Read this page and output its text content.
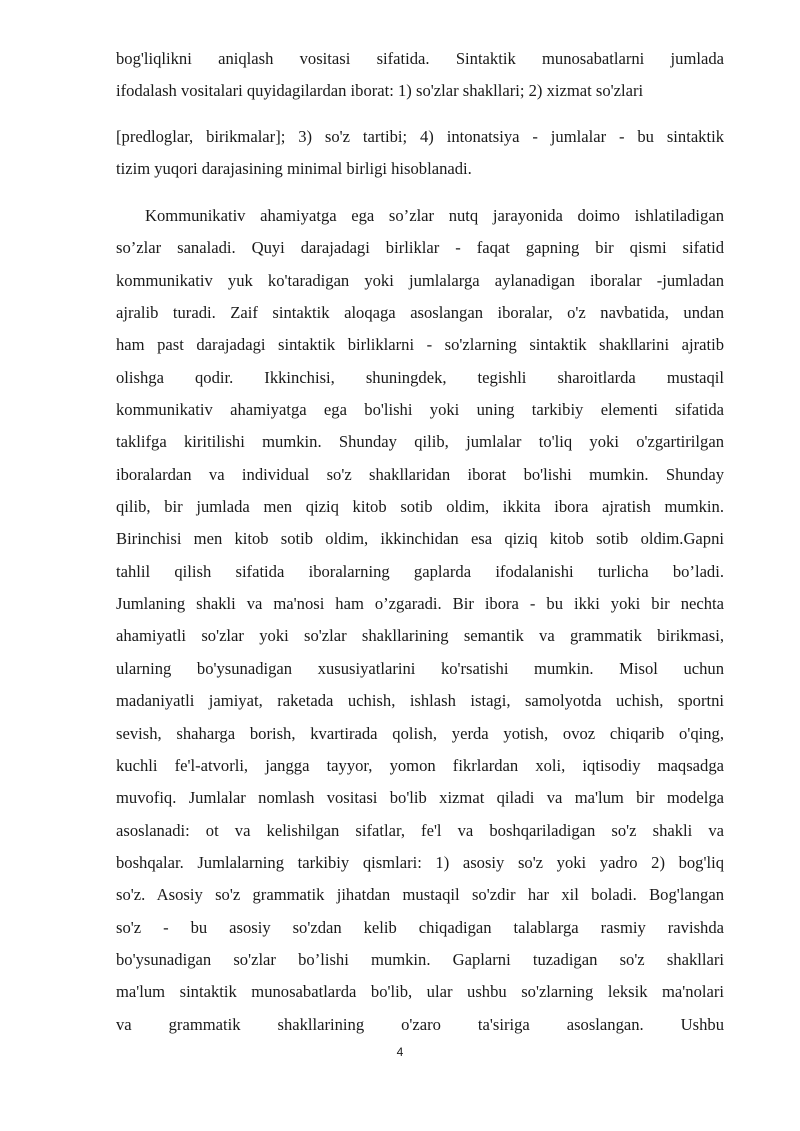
bog'liqlikni aniqlash vositasi sifatida. Sintaktik munosabatlarni jumlada
ifodalash vositalari quyidagilardan iborat: 1) so'zlar shakllari; 2) xizmat so'zlari
[predloglar, birikmalar]; 3) so'z tartibi; 4) intonatsiya - jumlalar - bu sintaktik
tizim yuqori darajasining minimal birligi hisoblanadi.
Kommunikativ ahamiyatga ega so’zlar nutq jarayonida doimo ishlatiladigan
so’zlar sanaladi. Quyi darajadagi birliklar - faqat gapning bir qismi sifatid
kommunikativ yuk ko'taradigan yoki jumlalarga aylanadigan iboralar -jumladan
ajralib turadi. Zaif sintaktik aloqaga asoslangan iboralar, o'z navbatida, undan
ham past darajadagi sintaktik birliklarni - so'zlarning sintaktik shakllarini ajratib
olishga qodir. Ikkinchisi, shuningdek, tegishli sharoitlarda mustaqil
kommunikativ ahamiyatga ega bo'lishi yoki uning tarkibiy elementi sifatida
taklifga kiritilishi mumkin. Shunday qilib, jumlalar to'liq yoki o'zgartirilgan
iboralardan va individual so'z shakllaridan iborat bo'lishi mumkin. Shunday
qilib, bir jumlada men qiziq kitob sotib oldim, ikkita ibora ajratish mumkin.
Birinchisi men kitob sotib oldim, ikkinchidan esa qiziq kitob sotib oldim.Gapni
tahlil qilish sifatida iboralarning gaplarda ifodalanishi turlicha bo’ladi.
Jumlaning shakli va ma'nosi ham o’zgaradi. Bir ibora - bu ikki yoki bir nechta
ahamiyatli so'zlar yoki so'zlar shakllarining semantik va grammatik birikmasi,
ularning bo'ysunadigan xususiyatlarini ko'rsatishi mumkin. Misol uchun
madaniyatli jamiyat, raketada uchish, ishlash istagi, samolyotda uchish, sportni
sevish, shaharga borish, kvartirada qolish, yerda yotish, ovoz chiqarib o'qing,
kuchli fe'l-atvorli, jangga tayyor, yomon fikrlardan xoli, iqtisodiy maqsadga
muvofiq. Jumlalar nomlash vositasi bo'lib xizmat qiladi va ma'lum bir modelga
asoslanadi: ot va kelishilgan sifatlar, fe'l va boshqariladigan so'z shakli va
boshqalar. Jumlalarning tarkibiy qismlari: 1) asosiy so'z yoki yadro 2) bog'liq
so'z. Asosiy so'z grammatik jihatdan mustaqil so'zdir har xil boladi. Bog'langan
so'z - bu asosiy so'zdan kelib chiqadigan talablarga rasmiy ravishda
bo'ysunadigan so'zlar bo’lishi mumkin. Gaplarni tuzadigan so'z shakllari
ma'lum sintaktik munosabatlarda bo'lib, ular ushbu so'zlarning leksik ma'nolari
va grammatik shakllarining o'zaro ta'siriga asoslangan. Ushbu
4
